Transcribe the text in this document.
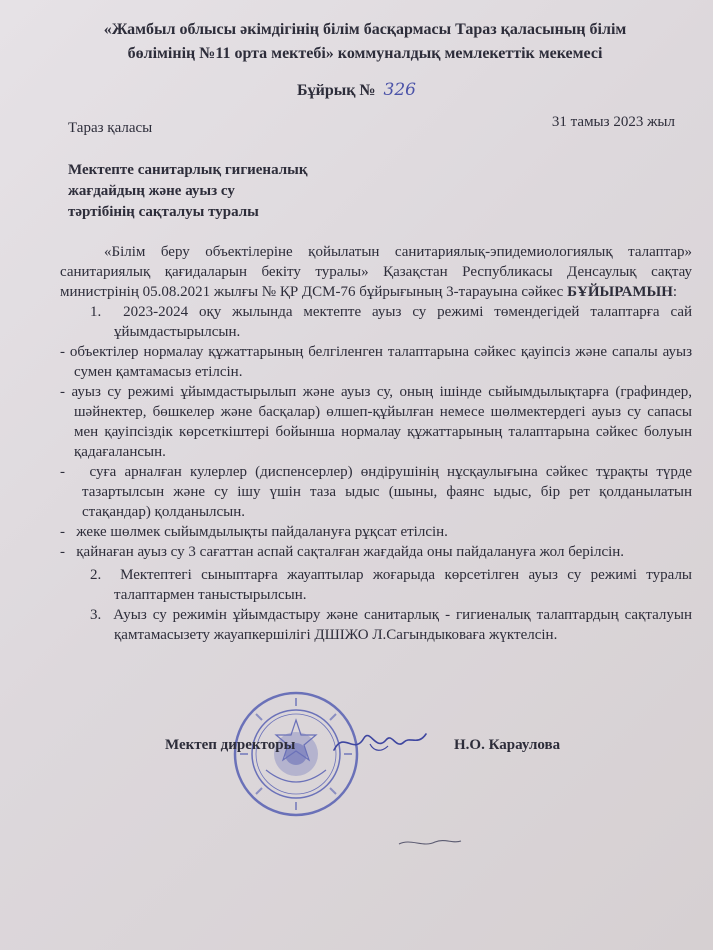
«Жамбыл облысы әкімдігінің білім басқармасы Тараз қаласының білім
бөлімінің №11 орта мектебі» коммуналдық мемлекеттік мекемесі
Бұйрық № 326
Тараз қаласы	31 тамыз 2023 жыл
Мектепте санитарлық гигиеналық
жағдайдың және ауыз су
тәртібінің сақталуы туралы

«Білім беру объектілеріне қойылатын санитариялық-эпидемиологиялық талаптар» санитариялық қағидаларын бекіту туралы» Қазақстан Республикасы Денсаулық сақтау министрінің 05.08.2021 жылғы № ҚР ДСМ-76 бұйрығының 3-тарауына сәйкес БҰЙЫРАМЫН:

1. 2023-2024 оқу жылында мектепте ауыз су режимі төмендегідей талаптарға сай ұйымдастырылсын.

- объектілер нормалау құжаттарының белгіленген талаптарына сәйкес қауіпсіз және сапалы ауыз сумен қамтамасыз етілсін.

- ауыз су режимі ұйымдастырылып және ауыз су, оның ішінде сыйымдылықтарға (графиндер, шәйнектер, бөшкелер және басқалар) өлшеп-құйылған немесе шөлмектердегі ауыз су сапасы мен қауіпсіздік көрсеткіштері бойынша нормалау құжаттарының талаптарына сәйкес болуын қадағалансын.

- суға арналған кулерлер (диспенсерлер) өндірушінің нұсқаулығына сәйкес тұрақты түрде тазартылсын және су ішу үшін таза ыдыс (шыны, фаянс ыдыс, бір рет қолданылатын стақандар) қолданылсын.

- жеке шөлмек сыйымдылықты пайдалануға рұқсат етілсін.

- қайнаған ауыз су 3 сағаттан аспай сақталған жағдайда оны пайдалануға жол берілсін.

2. Мектептегі сыныптарға жауаптылар жоғарыда көрсетілген ауыз су режимі туралы талаптармен таныстырылсын.

3. Ауыз су режимін ұйымдастыру және санитарлық - гигиеналық талаптардың сақталуын қамтамасызету жауапкершілігі ДШІЖО Л.Сагындыковаға жүктелсін.

Мектеп директоры	Н.О. Караулова
